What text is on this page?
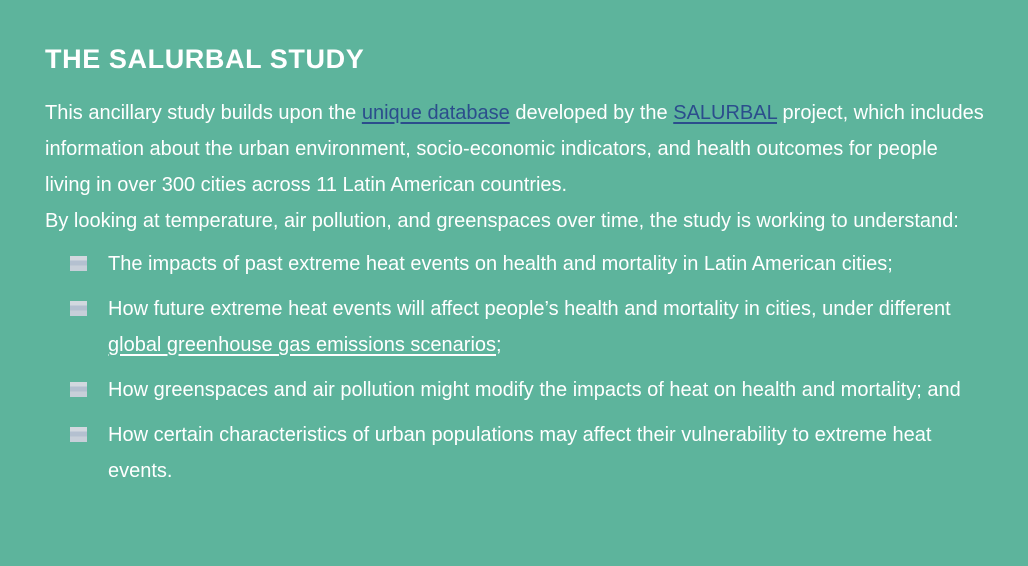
THE SALURBAL STUDY

This ancillary study builds upon the unique database developed by the SALURBAL project, which includes information about the urban environment, socio-economic indicators, and health outcomes for people living in over 300 cities across 11 Latin American countries.
By looking at temperature, air pollution, and greenspaces over time, the study is working to understand:

The impacts of past extreme heat events on health and mortality in Latin American cities;
How future extreme heat events will affect people’s health and mortality in cities, under different global greenhouse gas emissions scenarios;
How greenspaces and air pollution might modify the impacts of heat on health and mortality; and
How certain characteristics of urban populations may affect their vulnerability to extreme heat events.
